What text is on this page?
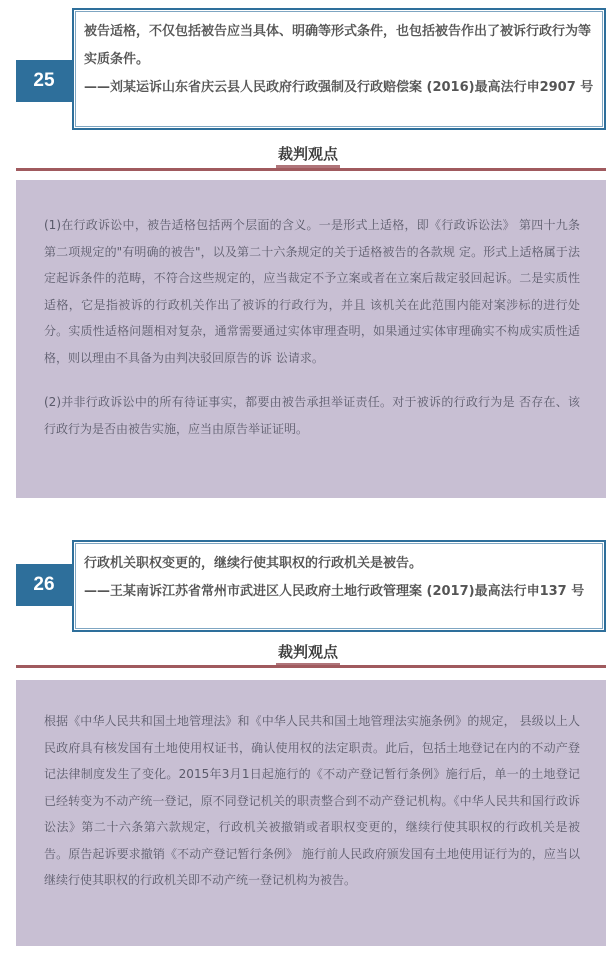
25

被告适格，不仅包括被告应当具体、明确等形式条件，也包括被告作出了被诉行政行为等实质条件。

——刘某运诉山东省庆云县人民政府行政强制及行政赔偿案 (2016)最高法行申2907 号

裁判观点

(1)在行政诉讼中，被告适格包括两个层面的含义。一是形式上适格，即《行政诉讼法》 第四十九条第二项规定的"有明确的被告"，以及第二十六条规定的关于适格被告的各款规 定。形式上适格属于法定起诉条件的范畴，不符合这些规定的，应当裁定不予立案或者在立案后裁定驳回起诉。二是实质性适格，它是指被诉的行政机关作出了被诉的行政行为，并且 该机关在此范围内能对案涉标的进行处分。实质性适格问题相对复杂，通常需要通过实体审理查明，如果通过实体审理确实不构成实质性适格，则以理由不具备为由判决驳回原告的诉 讼请求。

(2)并非行政诉讼中的所有待证事实，都要由被告承担举证责任。对于被诉的行政行为是 否存在、该行政行为是否由被告实施，应当由原告举证证明。

26

行政机关职权变更的，继续行使其职权的行政机关是被告。

——王某南诉江苏省常州市武进区人民政府土地行政管理案 (2017)最高法行申137 号

裁判观点

根据《中华人民共和国土地管理法》和《中华人民共和国土地管理法实施条例》的规定， 县级以上人民政府具有核发国有土地使用权证书，确认使用权的法定职责。此后，包括土地登记在内的不动产登记法律制度发生了变化。2015年3月1日起施行的《不动产登记暂行条例》施行后，单一的土地登记已经转变为不动产统一登记，原不同登记机关的职责整合到不动产登记机构。《中华人民共和国行政诉讼法》第二十六条第六款规定，行政机关被撤销或者职权变更的，继续行使其职权的行政机关是被告。原告起诉要求撤销《不动产登记暂行条例》 施行前人民政府颁发国有土地使用证行为的，应当以继续行使其职权的行政机关即不动产统一登记机构为被告。
